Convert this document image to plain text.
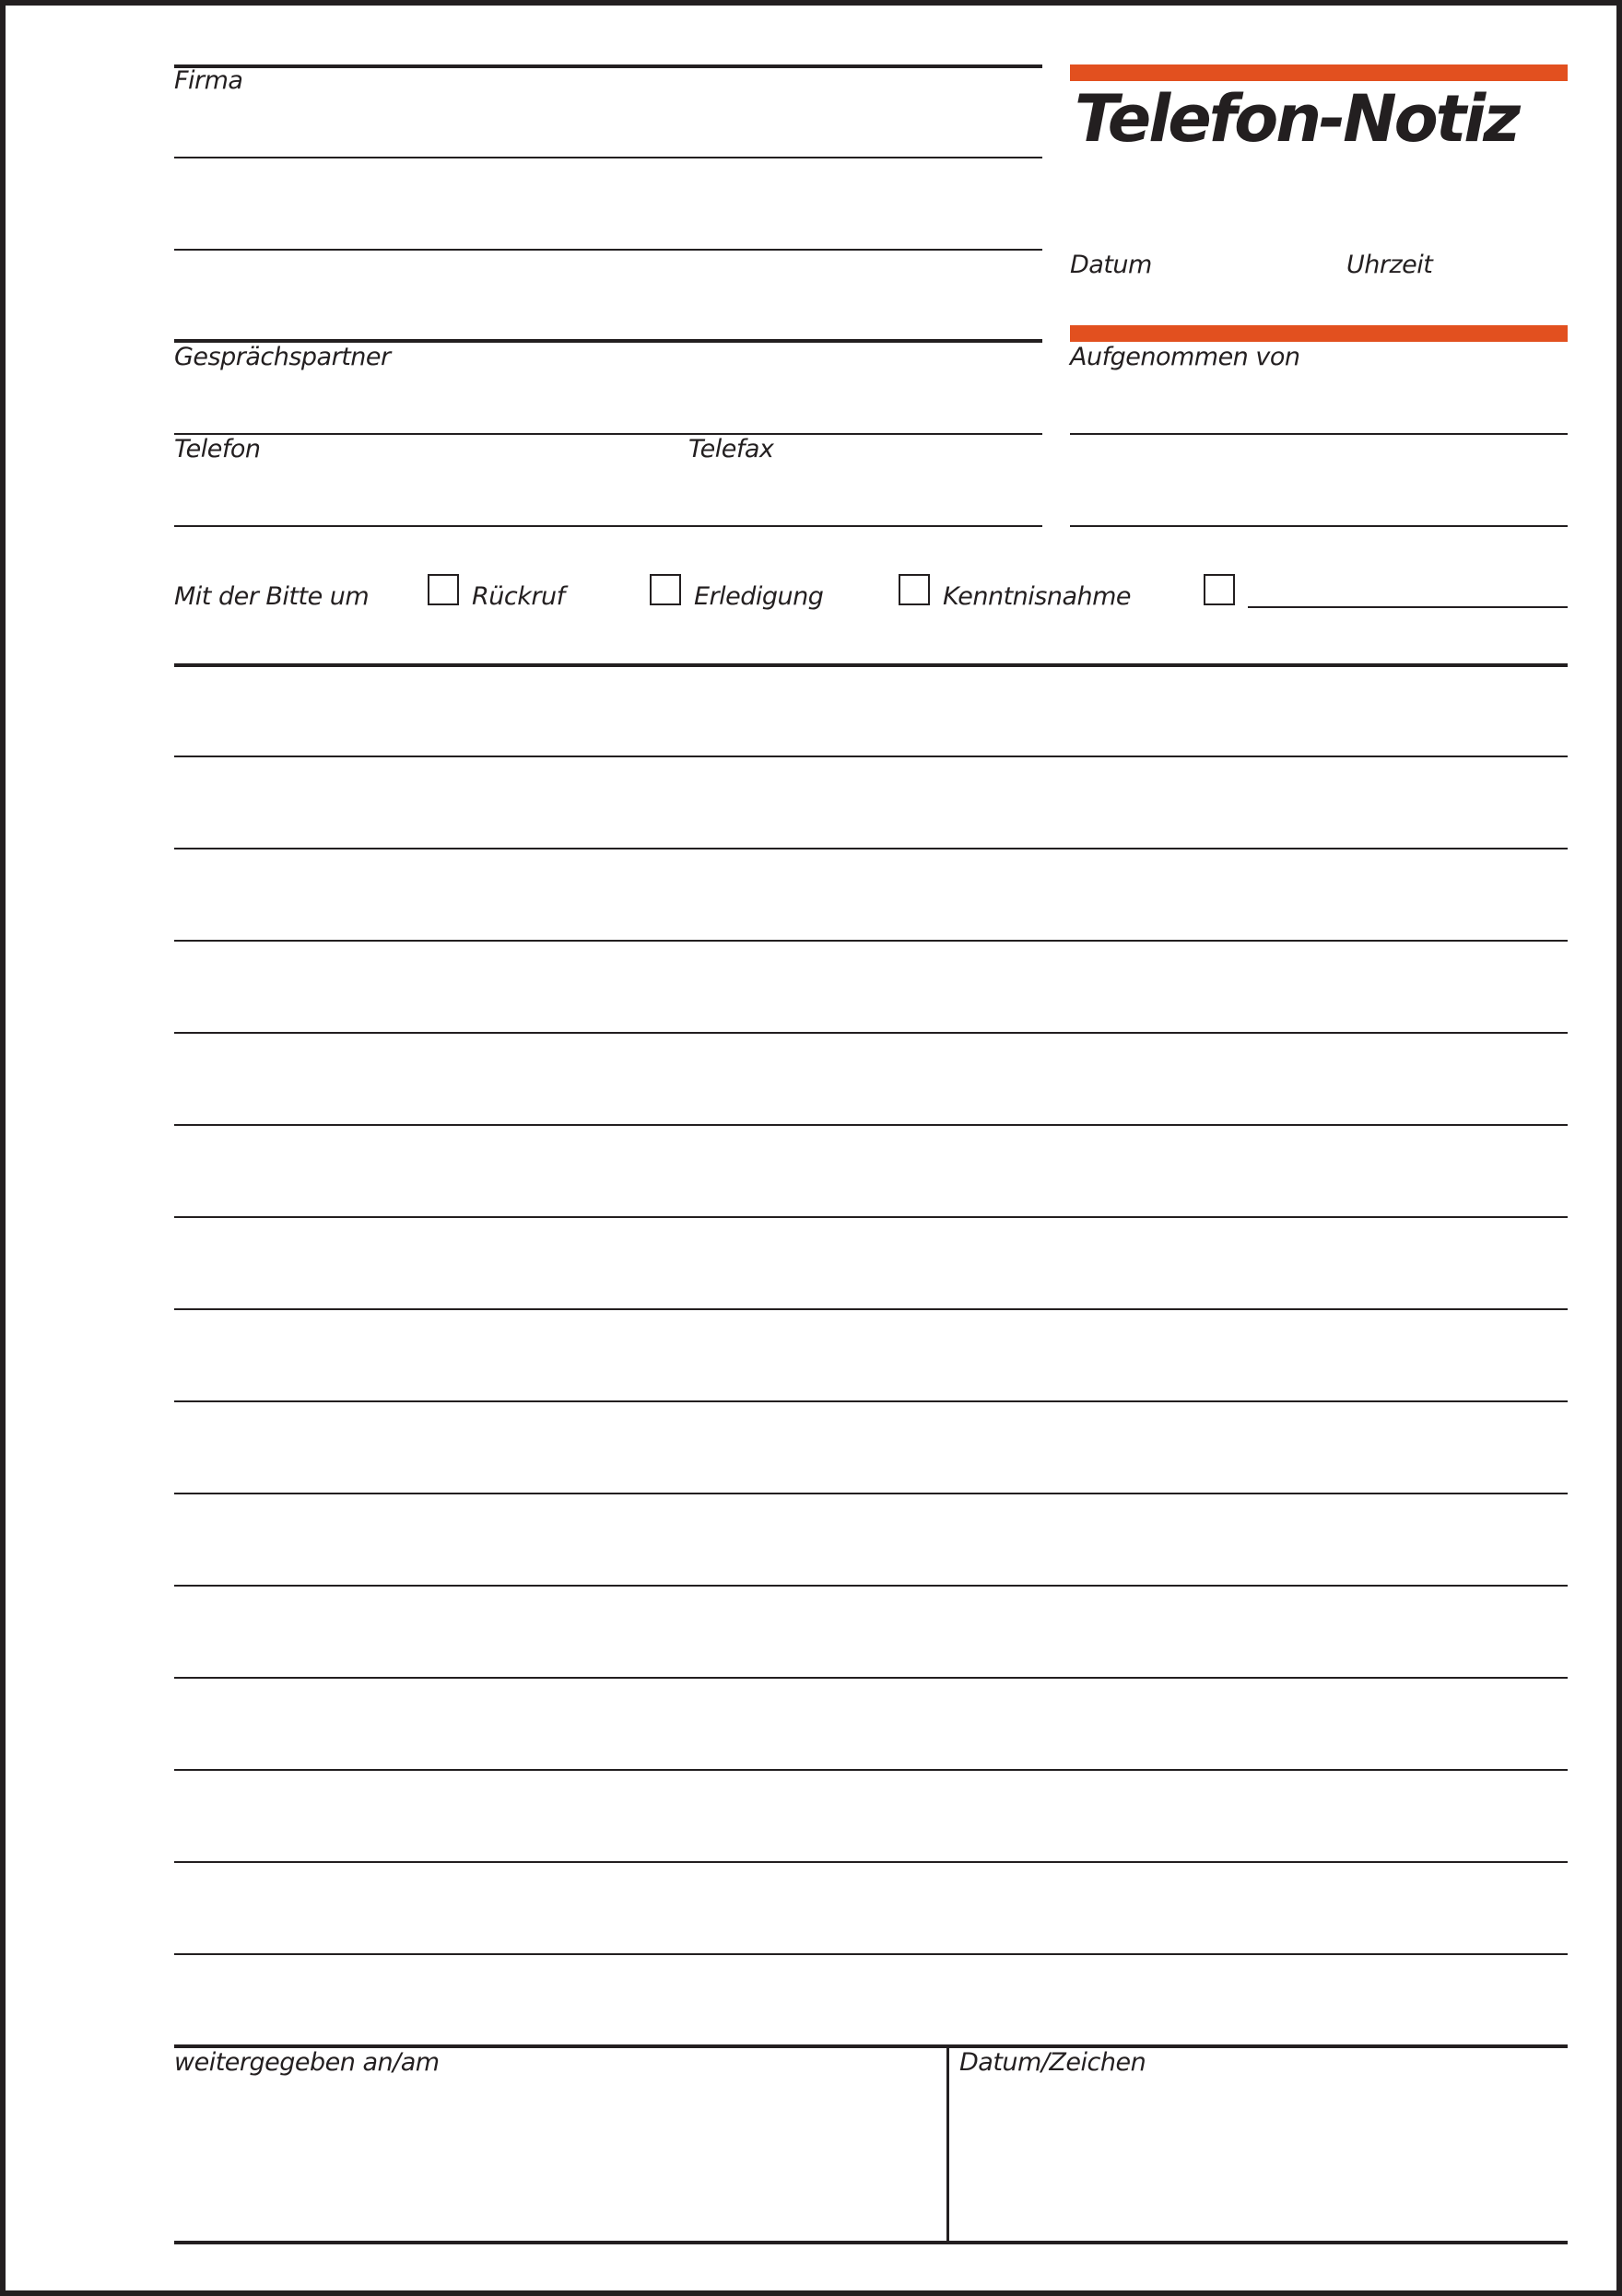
Firma
Telefon-Notiz
Datum	Uhrzeit
Gesprächspartner	Aufgenommen von
Telefon	Telefax
Mit der Bitte um	Rückruf	Erledigung	Kenntnisnahme
weitergegeben an/am	Datum/Zeichen
